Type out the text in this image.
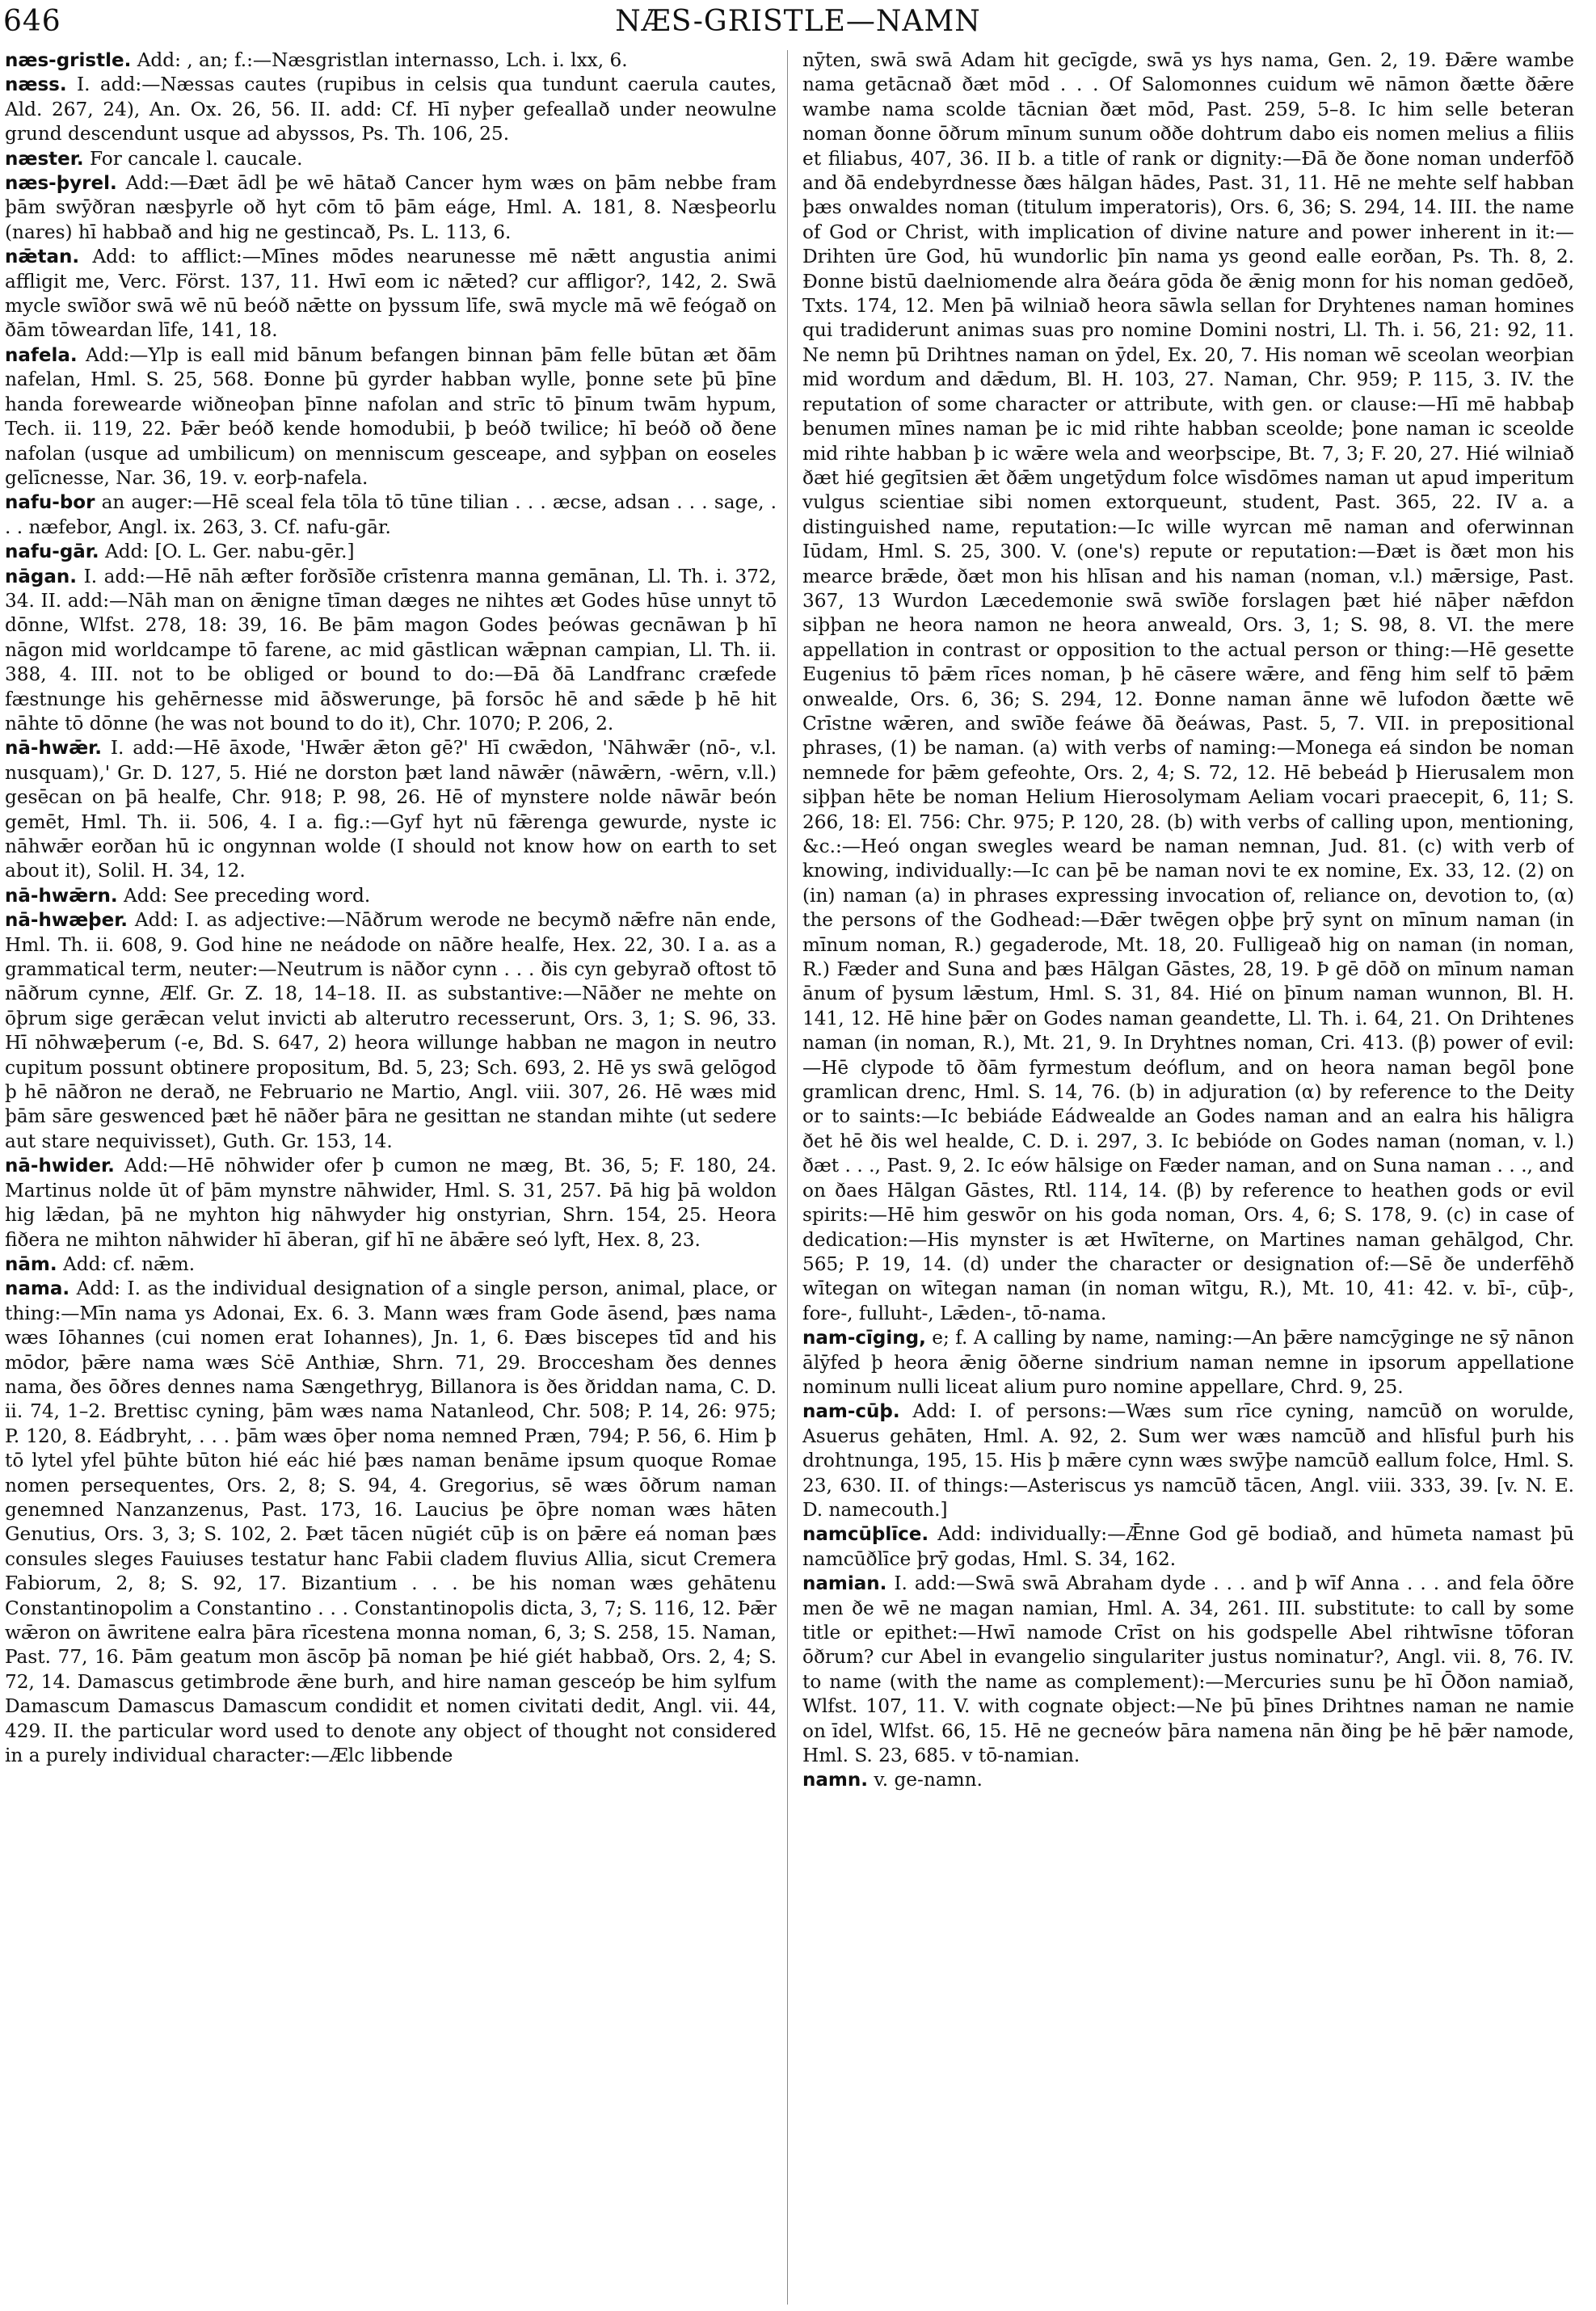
646	NÆS-GRISTLE—NAMN

næs-gristle. Add: , an; f.:—Næsgristlan internasso, Lch. i. lxx, 6.

næss. I. add:—Næssas cautes (rupibus in celsis qua tundunt caerula cautes, Ald. 267, 24), An. Ox. 26, 56. II. add: Cf. Hī nyþer gefeallað under neowulne grund descendunt usque ad abyssos, Ps. Th. 106, 25.

næster. For cancale l. caucale.

næs-þyrel. Add:—Ðæt ādl þe wē hātað Cancer hym wæs on þām nebbe fram þām swȳðran næsþyrle oð hyt cōm tō þām eáge, Hml. A. 181, 8. Næsþeorlu (nares) hī habbað and hig ne gestincað, Ps. L. 113, 6.

nǣtan. Add: to afflict:—Mīnes mōdes nearunesse mē nǣtt angustia animi affligit me, Verc. Först. 137, 11. Hwī eom ic nǣted? cur affligor?, 142, 2. Swā mycle swīðor swā wē nū beóð nǣtte on þyssum līfe, swā mycle mā wē feógað on ðām tōweardan līfe, 141, 18.

nafela. Add:—Ylp is eall mid bānum befangen binnan þām felle būtan æt ðām nafelan, Hml. S. 25, 568. Ðonne þū gyrder habban wylle, þonne sete þū þīne handa forewearde wiðneoþan þīnne nafolan and strīc tō þīnum twām hypum, Tech. ii. 119, 22. Þǣr beóð kende homodubii, þ beóð twilice; hī beóð oð ðene nafolan (usque ad umbilicum) on menniscum gesceape, and syþþan on eoseles gelīcnesse, Nar. 36, 19. v. eorþ-nafela.

nafu-bor an auger:—Hē sceal fela tōla tō tūne tilian . . . æcse, adsan . . . sage, . . . næfebor, Angl. ix. 263, 3. Cf. nafu-gār.

nafu-gār. Add: [O. L. Ger. nabu-gēr.]

nāgan. I. add:—Hē nāh æfter forðsīðe crīstenra manna gemānan, Ll. Th. i. 372, 34. II. add:—Nāh man on ǣnigne tīman dæges ne nihtes æt Godes hūse unnyt tō dōnne, Wlfst. 278, 18: 39, 16. Be þām magon Godes þeówas gecnāwan þ hī nāgon mid worldcampe tō farene, ac mid gāstlican wǣpnan campian, Ll. Th. ii. 388, 4. III. not to be obliged or bound to do:—Ðā ðā Landfranc cræfede fæstnunge his gehērnesse mid āðswerunge, þā forsōc hē and sǣde þ hē hit nāhte tō dōnne (he was not bound to do it), Chr. 1070; P. 206, 2.

nā-hwǣr. I. add:—Hē āxode, 'Hwǣr ǣton gē?' Hī cwǣdon, 'Nāhwǣr (nō-, v.l. nusquam),' Gr. D. 127, 5. Hié ne dorston þæt land nāwǣr (nāwǣrn, -wērn, v.ll.) gesēcan on þā healfe, Chr. 918; P. 98, 26. Hē of mynstere nolde nāwār beón gemēt, Hml. Th. ii. 506, 4. I a. fig.:—Gyf hyt nū fǣrenga gewurde, nyste ic nāhwǣr eorðan hū ic ongynnan wolde (I should not know how on earth to set about it), Solil. H. 34, 12.

nā-hwǣrn. Add: See preceding word.

nā-hwæþer. Add: I. as adjective:—Nāðrum werode ne becymð nǣfre nān ende, Hml. Th. ii. 608, 9. God hine ne neádode on nāðre healfe, Hex. 22, 30. I a. as a grammatical term, neuter:—Neutrum is nāðor cynn . . . ðis cyn gebyrað oftost tō nāðrum cynne, Ælf. Gr. Z. 18, 14–18. II. as substantive:—Nāðer ne mehte on ōþrum sige gerǣcan velut invicti ab alterutro recesserunt, Ors. 3, 1; S. 96, 33. Hī nōhwæþerum (-e, Bd. S. 647, 2) heora willunge habban ne magon in neutro cupitum possunt obtinere propositum, Bd. 5, 23; Sch. 693, 2. Hē ys swā gelōgod þ hē nāðron ne derað, ne Februario ne Martio, Angl. viii. 307, 26. Hē wæs mid þām sāre geswenced þæt hē nāðer þāra ne gesittan ne standan mihte (ut sedere aut stare nequivisset), Guth. Gr. 153, 14.

nā-hwider. Add:—Hē nōhwider ofer þ cumon ne mæg, Bt. 36, 5; F. 180, 24. Martinus nolde ūt of þām mynstre nāhwider, Hml. S. 31, 257. Þā hig þā woldon hig lǣdan, þā ne myhton hig nāhwyder hig onstyrian, Shrn. 154, 25. Heora fiðera ne mihton nāhwider hī āberan, gif hī ne ābǣre seó lyft, Hex. 8, 23.

nām. Add: cf. nǣm.

nama. Add: I. as the individual designation of a single person, animal, place, or thing:—Mīn nama ys Adonai, Ex. 6. 3. Mann wæs fram Gode āsend, þæs nama wæs Iōhannes (cui nomen erat Iohannes), Jn. 1, 6. Ðæs biscepes tīd and his mōdor, þǣre nama wæs Sċē Anthiæ, Shrn. 71, 29. Broccesham ðes dennes nama, ðes ōðres dennes nama Sængethryg, Billanora is ðes ðriddan nama, C. D. ii. 74, 1–2. Brettisc cyning, þām wæs nama Natanleod, Chr. 508; P. 14, 26: 975; P. 120, 8. Eádbryht, . . . þām wæs ōþer noma nemned Præn, 794; P. 56, 6. Him þ tō lytel yfel þūhte būton hié eác hié þæs naman benāme ipsum quoque Romae nomen persequentes, Ors. 2, 8; S. 94, 4. Gregorius, sē wæs ōðrum naman genemned Nanzanzenus, Past. 173, 16. Laucius þe ōþre noman wæs hāten Genutius, Ors. 3, 3; S. 102, 2. Þæt tācen nūgiét cūþ is on þǣre eá noman þæs consules sleges Fauiuses testatur hanc Fabii cladem fluvius Allia, sicut Cremera Fabiorum, 2, 8; S. 92, 17. Bizantium . . . be his noman wæs gehātenu Constantinopolim a Constantino . . . Constantinopolis dicta, 3, 7; S. 116, 12. Þǣr wǣron on āwritene ealra þāra rīcestena monna noman, 6, 3; S. 258, 15. Naman, Past. 77, 16. Þām geatum mon āscōp þā noman þe hié giét habbað, Ors. 2, 4; S. 72, 14. Damascus getimbrode ǣne burh, and hire naman gesceóp be him sylfum Damascum Damascus Damascum condidit et nomen civitati dedit, Angl. vii. 44, 429. II. the particular word used to denote any object of thought not considered in a purely individual character:—Ælc libbende

nȳten, swā swā Adam hit gecīgde, swā ys hys nama, Gen. 2, 19. Ðǣre wambe nama getācnað ðæt mōd . . . Of Salomonnes cuidum wē nāmon ðætte ðǣre wambe nama scolde tācnian ðæt mōd, Past. 259, 5–8. Ic him selle beteran noman ðonne ōðrum mīnum sunum oððe dohtrum dabo eis nomen melius a filiis et filiabus, 407, 36. II b. a title of rank or dignity:—Ðā ðe ðone noman underfōð and ðā endebyrdnesse ðæs hālgan hādes, Past. 31, 11. Hē ne mehte self habban þæs onwaldes noman (titulum imperatoris), Ors. 6, 36; S. 294, 14. III. the name of God or Christ, with implication of divine nature and power inherent in it:—Drihten ūre God, hū wundorlic þīn nama ys geond ealle eorðan, Ps. Th. 8, 2. Ðonne bistū daelniomende alra ðeára gōda ðe ǣnig monn for his noman gedōeð, Txts. 174, 12. Men þā wilniað heora sāwla sellan for Dryhtenes naman homines qui tradiderunt animas suas pro nomine Domini nostri, Ll. Th. i. 56, 21: 92, 11. Ne nemn þū Drihtnes naman on ȳdel, Ex. 20, 7. His noman wē sceolan weorþian mid wordum and dǣdum, Bl. H. 103, 27. Naman, Chr. 959; P. 115, 3. IV. the reputation of some character or attribute, with gen. or clause:—Hī mē habbaþ benumen mīnes naman þe ic mid rihte habban sceolde; þone naman ic sceolde mid rihte habban þ ic wǣre wela and weorþscipe, Bt. 7, 3; F. 20, 27. Hié wilniað ðæt hié gegītsien ǣt ðǣm ungetȳdum folce wīsdōmes naman ut apud imperitum vulgus scientiae sibi nomen extorqueunt, student, Past. 365, 22. IV a. a distinguished name, reputation:—Ic wille wyrcan mē naman and oferwinnan Iūdam, Hml. S. 25, 300. V. (one's) repute or reputation:—Ðæt is ðæt mon his mearce brǣde, ðæt mon his hlīsan and his naman (noman, v.l.) mǣrsige, Past. 367, 13 Wurdon Læcedemonie swā swīðe forslagen þæt hié nāþer nǣfdon siþþan ne heora namon ne heora anweald, Ors. 3, 1; S. 98, 8. VI. the mere appellation in contrast or opposition to the actual person or thing:—Hē gesette Eugenius tō þǣm rīces noman, þ hē cāsere wǣre, and fēng him self tō þǣm onwealde, Ors. 6, 36; S. 294, 12. Ðonne naman ānne wē lufodon ðætte wē Crīstne wǣren, and swīðe feáwe ðā ðeáwas, Past. 5, 7. VII. in prepositional phrases, (1) be naman. (a) with verbs of naming:—Monega eá sindon be noman nemnede for þǣm gefeohte, Ors. 2, 4; S. 72, 12. Hē bebeád þ Hierusalem mon siþþan hēte be noman Helium Hierosolymam Aeliam vocari praecepit, 6, 11; S. 266, 18: El. 756: Chr. 975; P. 120, 28. (b) with verbs of calling upon, mentioning, &c.:—Heó ongan swegles weard be naman nemnan, Jud. 81. (c) with verb of knowing, individually:—Ic can þē be naman novi te ex nomine, Ex. 33, 12. (2) on (in) naman (a) in phrases expressing invocation of, reliance on, devotion to, (α) the persons of the Godhead:—Ðǣr twēgen oþþe þrȳ synt on mīnum naman (in mīnum noman, R.) gegaderode, Mt. 18, 20. Fulligeað hig on naman (in noman, R.) Fæder and Suna and þæs Hālgan Gāstes, 28, 19. Þ gē dōð on mīnum naman ānum of þysum lǣstum, Hml. S. 31, 84. Hié on þīnum naman wunnon, Bl. H. 141, 12. Hē hine þǣr on Godes naman geandette, Ll. Th. i. 64, 21. On Drihtenes naman (in noman, R.), Mt. 21, 9. In Dryhtnes noman, Cri. 413. (β) power of evil:—Hē clypode tō ðām fyrmestum deóflum, and on heora naman begōl þone gramlican drenc, Hml. S. 14, 76. (b) in adjuration (α) by reference to the Deity or to saints:—Ic bebiáde Eádwealde an Godes naman and an ealra his hāligra ðet hē ðis wel healde, C. D. i. 297, 3. Ic bebióde on Godes naman (noman, v. l.) ðæt . . ., Past. 9, 2. Ic eów hālsige on Fæder naman, and on Suna naman . . ., and on ðaes Hālgan Gāstes, Rtl. 114, 14. (β) by reference to heathen gods or evil spirits:—Hē him geswōr on his goda noman, Ors. 4, 6; S. 178, 9. (c) in case of dedication:—His mynster is æt Hwīterne, on Martines naman gehālgod, Chr. 565; P. 19, 14. (d) under the character or designation of:—Sē ðe underfēhð wītegan on wītegan naman (in noman wītgu, R.), Mt. 10, 41: 42. v. bī-, cūþ-, fore-, fulluht-, Lǣden-, tō-nama.

nam-cīging, e; f. A calling by name, naming:—An þǣre namcȳginge ne sȳ nānon ālȳfed þ heora ǣnig ōðerne sindrium naman nemne in ipsorum appellatione nominum nulli liceat alium puro nomine appellare, Chrd. 9, 25.

nam-cūþ. Add: I. of persons:—Wæs sum rīce cyning, namcūð on worulde, Asuerus gehāten, Hml. A. 92, 2. Sum wer wæs namcūð and hlīsful þurh his drohtnunga, 195, 15. His þ mǣre cynn wæs swȳþe namcūð eallum folce, Hml. S. 23, 630. II. of things:—Asteriscus ys namcūð tācen, Angl. viii. 333, 39. [v. N. E. D. namecouth.]

namcūþlīce. Add: individually:—Ǣnne God gē bodiað, and hūmeta namast þū namcūðlīce þrȳ godas, Hml. S. 34, 162.

namian. I. add:—Swā swā Abraham dyde . . . and þ wīf Anna . . . and fela ōðre men ðe wē ne magan namian, Hml. A. 34, 261. III. substitute: to call by some title or epithet:—Hwī namode Crīst on his godspelle Abel rihtwīsne tōforan ōðrum? cur Abel in evangelio singulariter justus nominatur?, Angl. vii. 8, 76. IV. to name (with the name as complement):—Mercuries sunu þe hī Ōðon namiað, Wlfst. 107, 11. V. with cognate object:—Ne þū þīnes Drihtnes naman ne namie on īdel, Wlfst. 66, 15. Hē ne gecneów þāra namena nān ðing þe hē þǣr namode, Hml. S. 23, 685. v tō-namian.

namn. v. ge-namn.
